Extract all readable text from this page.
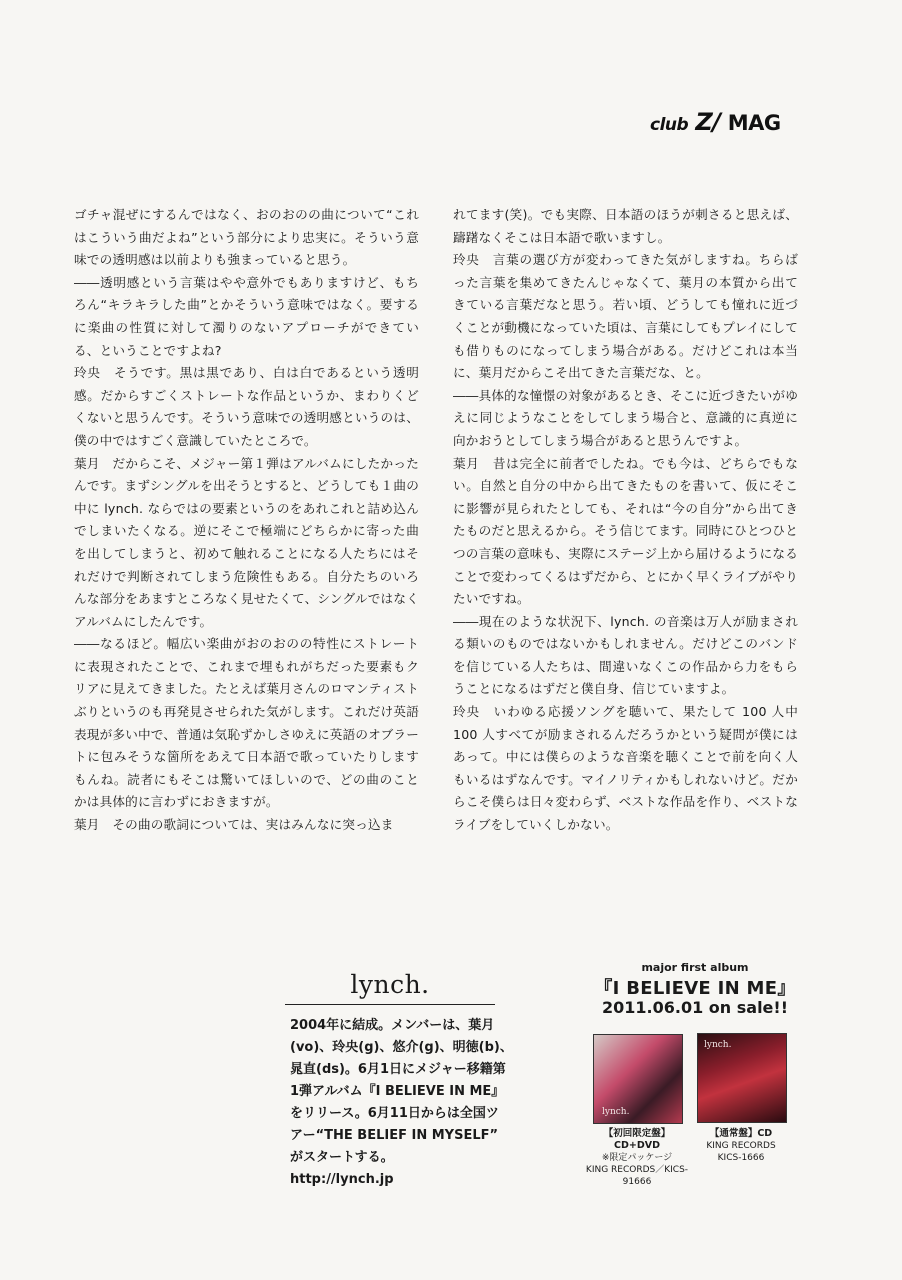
club Z/ MAG

ゴチャ混ぜにするんではなく、おのおのの曲について“これはこういう曲だよね”という部分により忠実に。そういう意味での透明感は以前よりも強まっていると思う。

――透明感という言葉はやや意外でもありますけど、もちろん“キラキラした曲”とかそういう意味ではなく。要するに楽曲の性質に対して濁りのないアプローチができている、ということですよね?

玲央　そうです。黒は黒であり、白は白であるという透明感。だからすごくストレートな作品というか、まわりくどくないと思うんです。そういう意味での透明感というのは、僕の中ではすごく意識していたところで。

葉月　だからこそ、メジャー第１弾はアルバムにしたかったんです。まずシングルを出そうとすると、どうしても１曲の中に lynch. ならではの要素というのをあれこれと詰め込んでしまいたくなる。逆にそこで極端にどちらかに寄った曲を出してしまうと、初めて触れることになる人たちにはそれだけで判断されてしまう危険性もある。自分たちのいろんな部分をあますところなく見せたくて、シングルではなくアルバムにしたんです。

――なるほど。幅広い楽曲がおのおのの特性にストレートに表現されたことで、これまで埋もれがちだった要素もクリアに見えてきました。たとえば葉月さんのロマンティストぶりというのも再発見させられた気がします。これだけ英語表現が多い中で、普通は気恥ずかしさゆえに英語のオブラートに包みそうな箇所をあえて日本語で歌っていたりしますもんね。読者にもそこは驚いてほしいので、どの曲のことかは具体的に言わずにおきますが。

葉月　その曲の歌詞については、実はみんなに突っ込ま

れてます(笑)。でも実際、日本語のほうが刺さると思えば、躊躇なくそこは日本語で歌いますし。

玲央　言葉の選び方が変わってきた気がしますね。ちらばった言葉を集めてきたんじゃなくて、葉月の本質から出てきている言葉だなと思う。若い頃、どうしても憧れに近づくことが動機になっていた頃は、言葉にしてもプレイにしても借りものになってしまう場合がある。だけどこれは本当に、葉月だからこそ出てきた言葉だな、と。

――具体的な憧憬の対象があるとき、そこに近づきたいがゆえに同じようなことをしてしまう場合と、意識的に真逆に向かおうとしてしまう場合があると思うんですよ。

葉月　昔は完全に前者でしたね。でも今は、どちらでもない。自然と自分の中から出てきたものを書いて、仮にそこに影響が見られたとしても、それは“今の自分”から出てきたものだと思えるから。そう信じてます。同時にひとつひとつの言葉の意味も、実際にステージ上から届けるようになることで変わってくるはずだから、とにかく早くライブがやりたいですね。

――現在のような状況下、lynch. の音楽は万人が励まされる類いのものではないかもしれません。だけどこのバンドを信じている人たちは、間違いなくこの作品から力をもらうことになるはずだと僕自身、信じていますよ。

玲央　いわゆる応援ソングを聴いて、果たして 100 人中 100 人すべてが励まされるんだろうかという疑問が僕にはあって。中には僕らのような音楽を聴くことで前を向く人もいるはずなんです。マイノリティかもしれないけど。だからこそ僕らは日々変わらず、ベストな作品を作り、ベストなライブをしていくしかない。

lynch.

2004年に結成。メンバーは、葉月

(vo)、玲央(g)、悠介(g)、明徳(b)、

晁直(ds)。6月1日にメジャー移籍第

1弾アルバム『I BELIEVE IN ME』

をリリース。6月11日からは全国ツ

アー“THE BELIEF IN MYSELF”

がスタートする。

http://lynch.jp

major first album
『I BELIEVE IN ME』
2011.06.01 on sale!!
lynch.
lynch.
【初回限定盤】
CD+DVD
※限定パッケージ
KING RECORDS／KICS-91666
【通常盤】CD
KING RECORDS
KICS-1666
